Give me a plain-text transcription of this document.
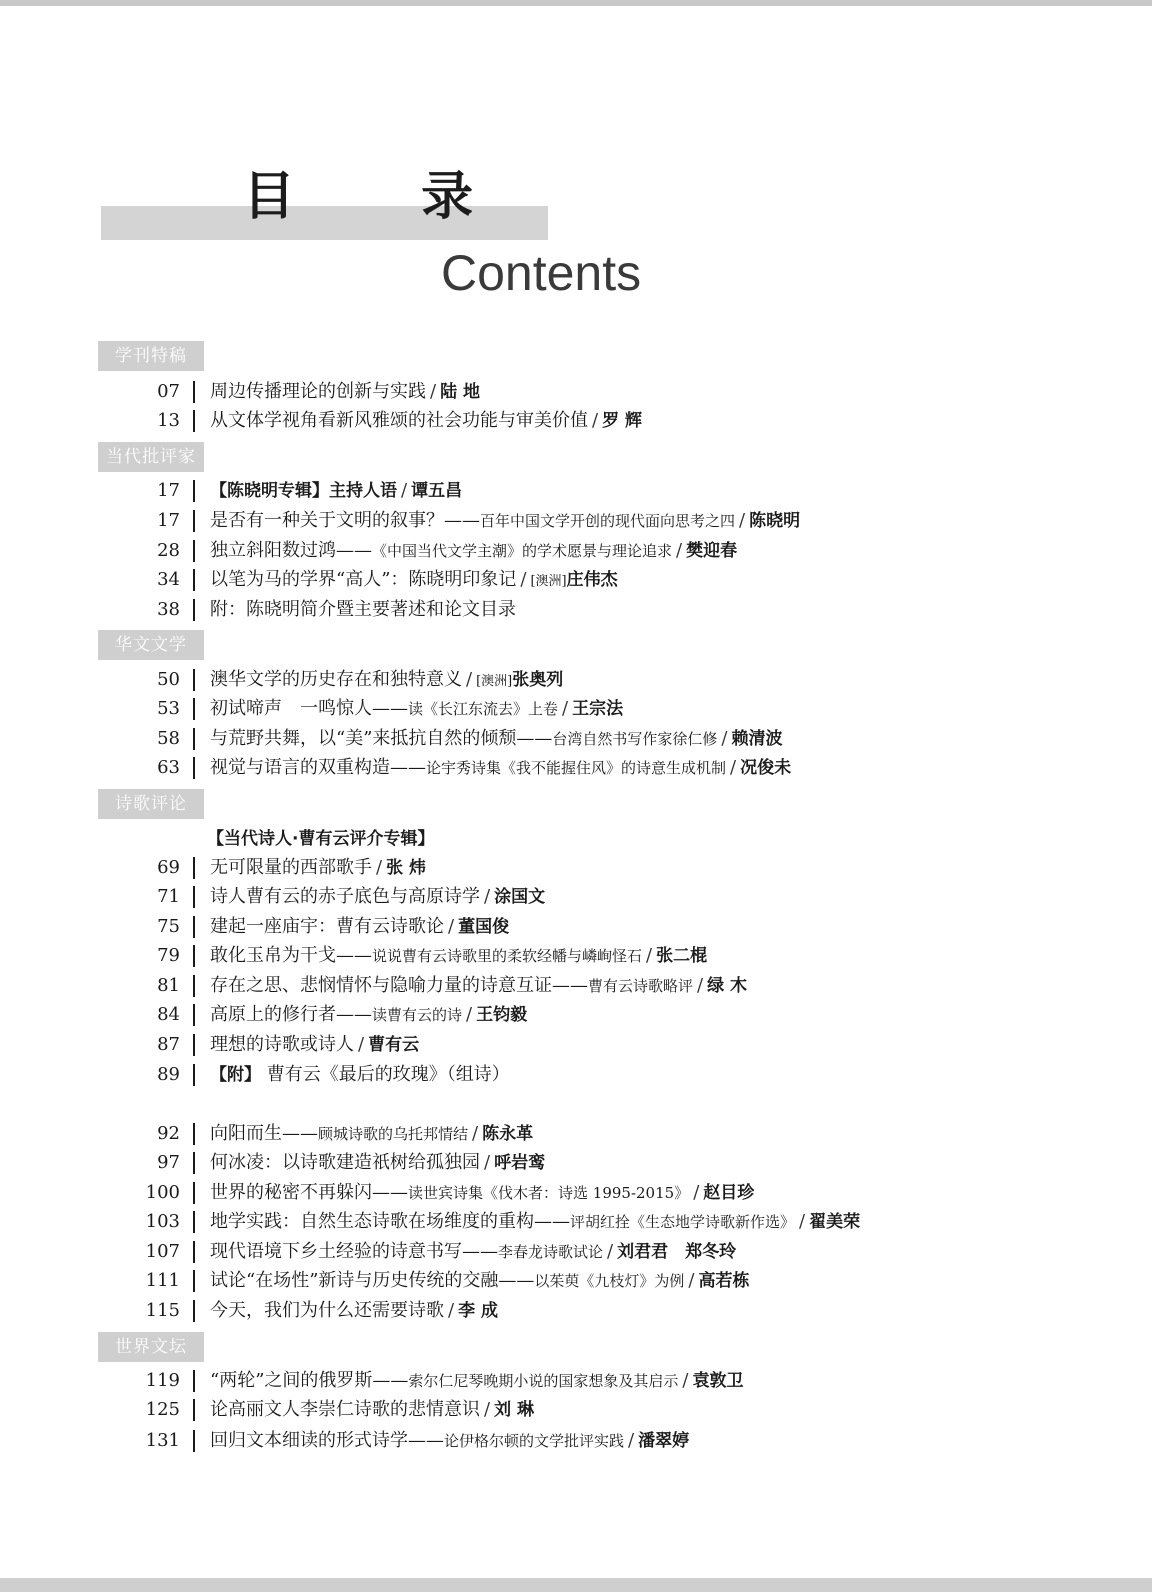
目 录
Contents
学刊特稿
当代批评家
华文文学
诗歌评论
世界文坛
【当代诗人·曹有云评介专辑】
07 周边传播理论的创新与实践 / 陆 地
13 从文体学视角看新风雅颂的社会功能与审美价值 / 罗 辉
17 【陈晓明专辑】主持人语 / 谭五昌
17 是否有一种关于文明的叙事？——百年中国文学开创的现代面向思考之四 / 陈晓明
28 独立斜阳数过鸿——《中国当代文学主潮》的学术愿景与理论追求 / 樊迎春
34 以笔为马的学界“高人”：陈晓明印象记 / [澳洲]庄伟杰
38 附：陈晓明简介暨主要著述和论文目录
50 澳华文学的历史存在和独特意义 / [澳洲]张奥列
53 初试啼声　一鸣惊人——读《长江东流去》上卷 / 王宗法
58 与荒野共舞，以“美”来抵抗自然的倾颓——台湾自然书写作家徐仁修 / 赖清波
63 视觉与语言的双重构造——论宇秀诗集《我不能握住风》的诗意生成机制 / 况俊未
69 无可限量的西部歌手 / 张 炜
71 诗人曹有云的赤子底色与高原诗学 / 涂国文
75 建起一座庙宇：曹有云诗歌论 / 董国俊
79 敢化玉帛为干戈——说说曹有云诗歌里的柔软经幡与嶙峋怪石 / 张二棍
81 存在之思、悲悯情怀与隐喻力量的诗意互证——曹有云诗歌略评 / 绿 木
84 高原上的修行者——读曹有云的诗 / 王钧毅
87 理想的诗歌或诗人 / 曹有云
89 【附】 曹有云《最后的玫瑰》（组诗）
92 向阳而生——顾城诗歌的乌托邦情结 / 陈永革
97 何冰凌：以诗歌建造祇树给孤独园 / 呼岩鸾
100 世界的秘密不再躲闪——读世宾诗集《伐木者：诗选 1995-2015》 / 赵目珍
103 地学实践：自然生态诗歌在场维度的重构——评胡红拴《生态地学诗歌新作选》 / 翟美荣
107 现代语境下乡土经验的诗意书写——李春龙诗歌试论 / 刘君君　郑冬玲
111 试论“在场性”新诗与历史传统的交融——以茱萸《九枝灯》为例 / 高若栋
115 今天，我们为什么还需要诗歌 / 李 成
119 “两轮”之间的俄罗斯——索尔仁尼琴晚期小说的国家想象及其启示 / 袁敦卫
125 论高丽文人李崇仁诗歌的悲情意识 / 刘 琳
131 回归文本细读的形式诗学——论伊格尔顿的文学批评实践 / 潘翠婷
